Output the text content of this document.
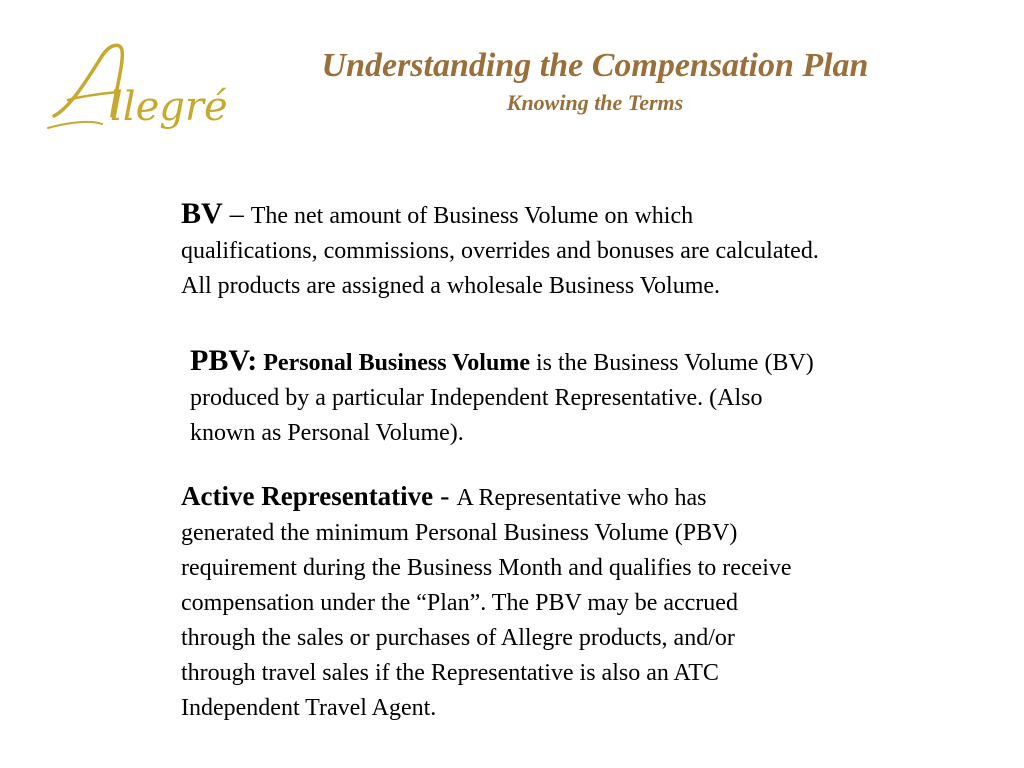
llegré
Understanding the Compensation Plan
Knowing the Terms
BV – The net amount of Business Volume on which
qualifications, commissions, overrides and bonuses are calculated.
All products are assigned a wholesale Business Volume.
PBV: Personal Business Volume is the Business Volume (BV)
produced by a particular Independent Representative. (Also
known as Personal Volume).
Active Representative - A Representative who has
generated the minimum Personal Business Volume (PBV)
requirement during the Business Month and qualifies to receive
compensation under the “Plan”. The PBV may be accrued
through the sales or purchases of Allegre products, and/or
through travel sales if the Representative is also an ATC
Independent Travel Agent.
